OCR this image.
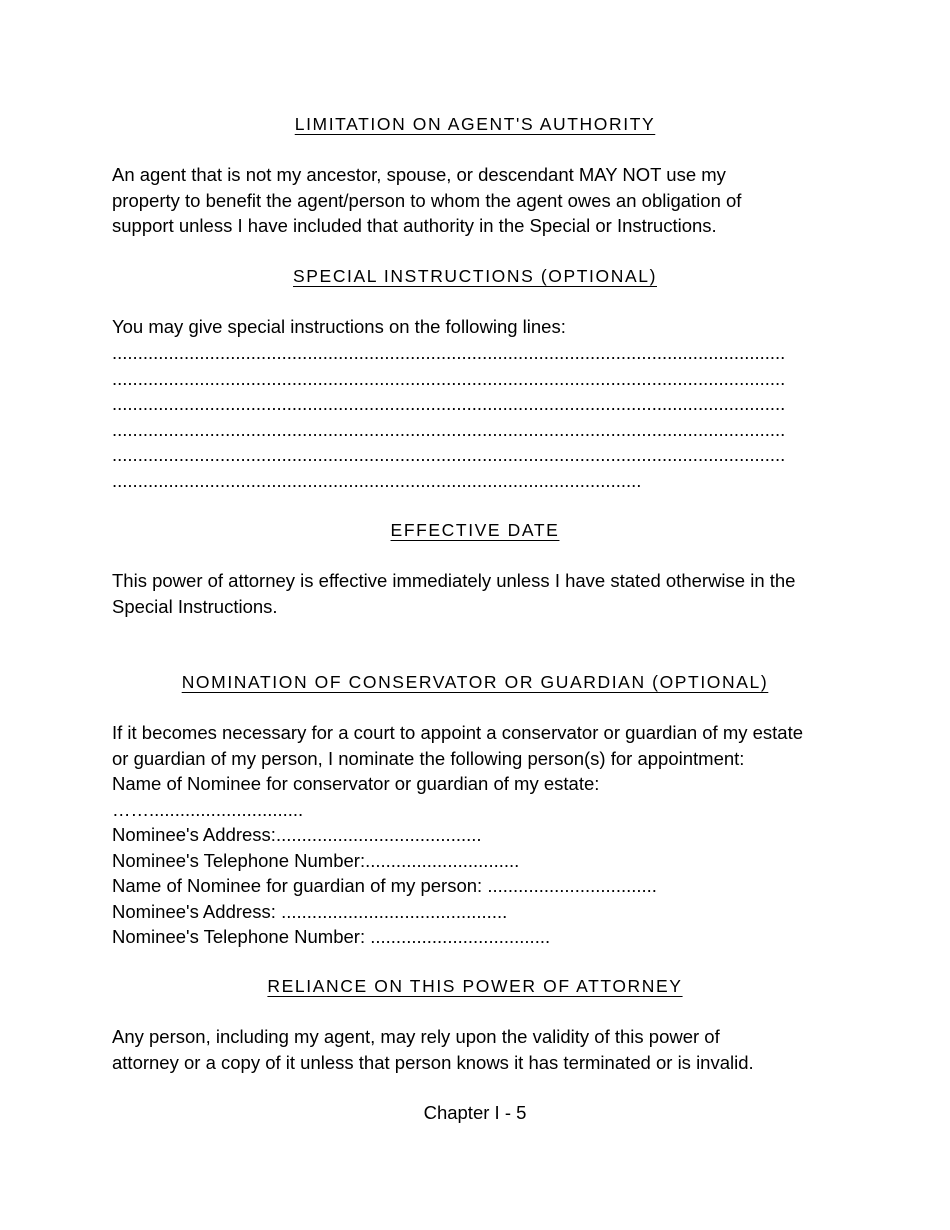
LIMITATION ON AGENT'S AUTHORITY
An agent that is not my ancestor, spouse, or descendant MAY NOT use my
property to benefit the agent/person to whom the agent owes an obligation of
support unless I have included that authority in the Special or Instructions.
SPECIAL INSTRUCTIONS (OPTIONAL)
You may give special instructions on the following lines:
...................................................................................................................................
...................................................................................................................................
...................................................................................................................................
...................................................................................................................................
...................................................................................................................................
.......................................................................................................
EFFECTIVE DATE
This power of attorney is effective immediately unless I have stated otherwise in the
Special Instructions.
NOMINATION OF CONSERVATOR OR GUARDIAN (OPTIONAL)
If it becomes necessary for a court to appoint a conservator or guardian of my estate
or guardian of my person, I nominate the following person(s) for appointment:
Name of Nominee for conservator or guardian of my estate:
……..............................
Nominee's Address:........................................
Nominee's Telephone Number:..............................
Name of Nominee for guardian of my person: .................................
Nominee's Address: ............................................
Nominee's Telephone Number: ...................................
RELIANCE ON THIS POWER OF ATTORNEY
Any person, including my agent, may rely upon the validity of this power of
attorney or a copy of it unless that person knows it has terminated or is invalid.
Chapter I - 5
